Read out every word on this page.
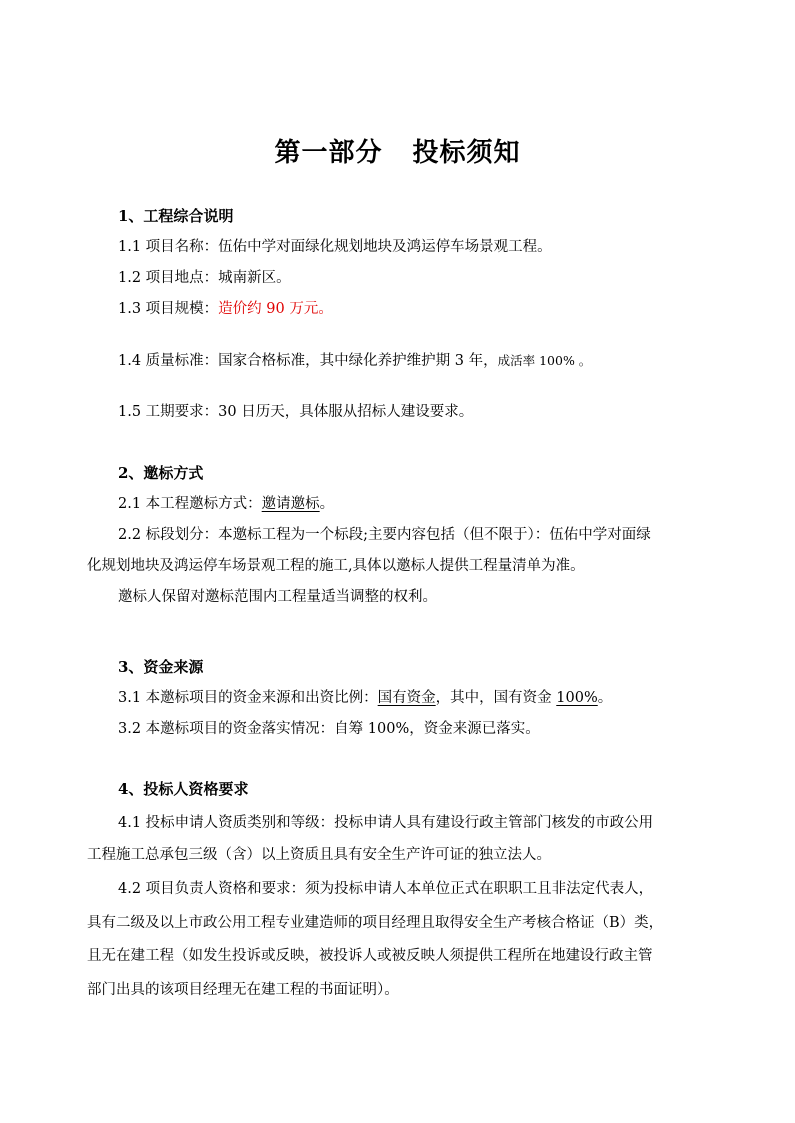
第一部分 投标须知
1、工程综合说明
1.1 项目名称：伍佑中学对面绿化规划地块及鸿运停车场景观工程。
1.2 项目地点：城南新区。
1.3 项目规模：造价约 90 万元。
1.4 质量标准：国家合格标准，其中绿化养护维护期 3 年，成活率 100% 。
1.5 工期要求：30 日历天，具体服从招标人建设要求。
2、邀标方式
2.1 本工程邀标方式：邀请邀标。
2.2 标段划分：本邀标工程为一个标段;主要内容包括（但不限于）：伍佑中学对面绿
化规划地块及鸿运停车场景观工程的施工,具体以邀标人提供工程量清单为准。
邀标人保留对邀标范围内工程量适当调整的权利。
3、资金来源
3.1 本邀标项目的资金来源和出资比例：国有资金，其中，国有资金 100%。
3.2 本邀标项目的资金落实情况：自筹 100%，资金来源已落实。
4、投标人资格要求
4.1 投标申请人资质类别和等级：投标申请人具有建设行政主管部门核发的市政公用
工程施工总承包三级（含）以上资质且具有安全生产许可证的独立法人。
4.2 项目负责人资格和要求：须为投标申请人本单位正式在职职工且非法定代表人，
具有二级及以上市政公用工程专业建造师的项目经理且取得安全生产考核合格证（B）类，
且无在建工程（如发生投诉或反映，被投诉人或被反映人须提供工程所在地建设行政主管
部门出具的该项目经理无在建工程的书面证明）。
